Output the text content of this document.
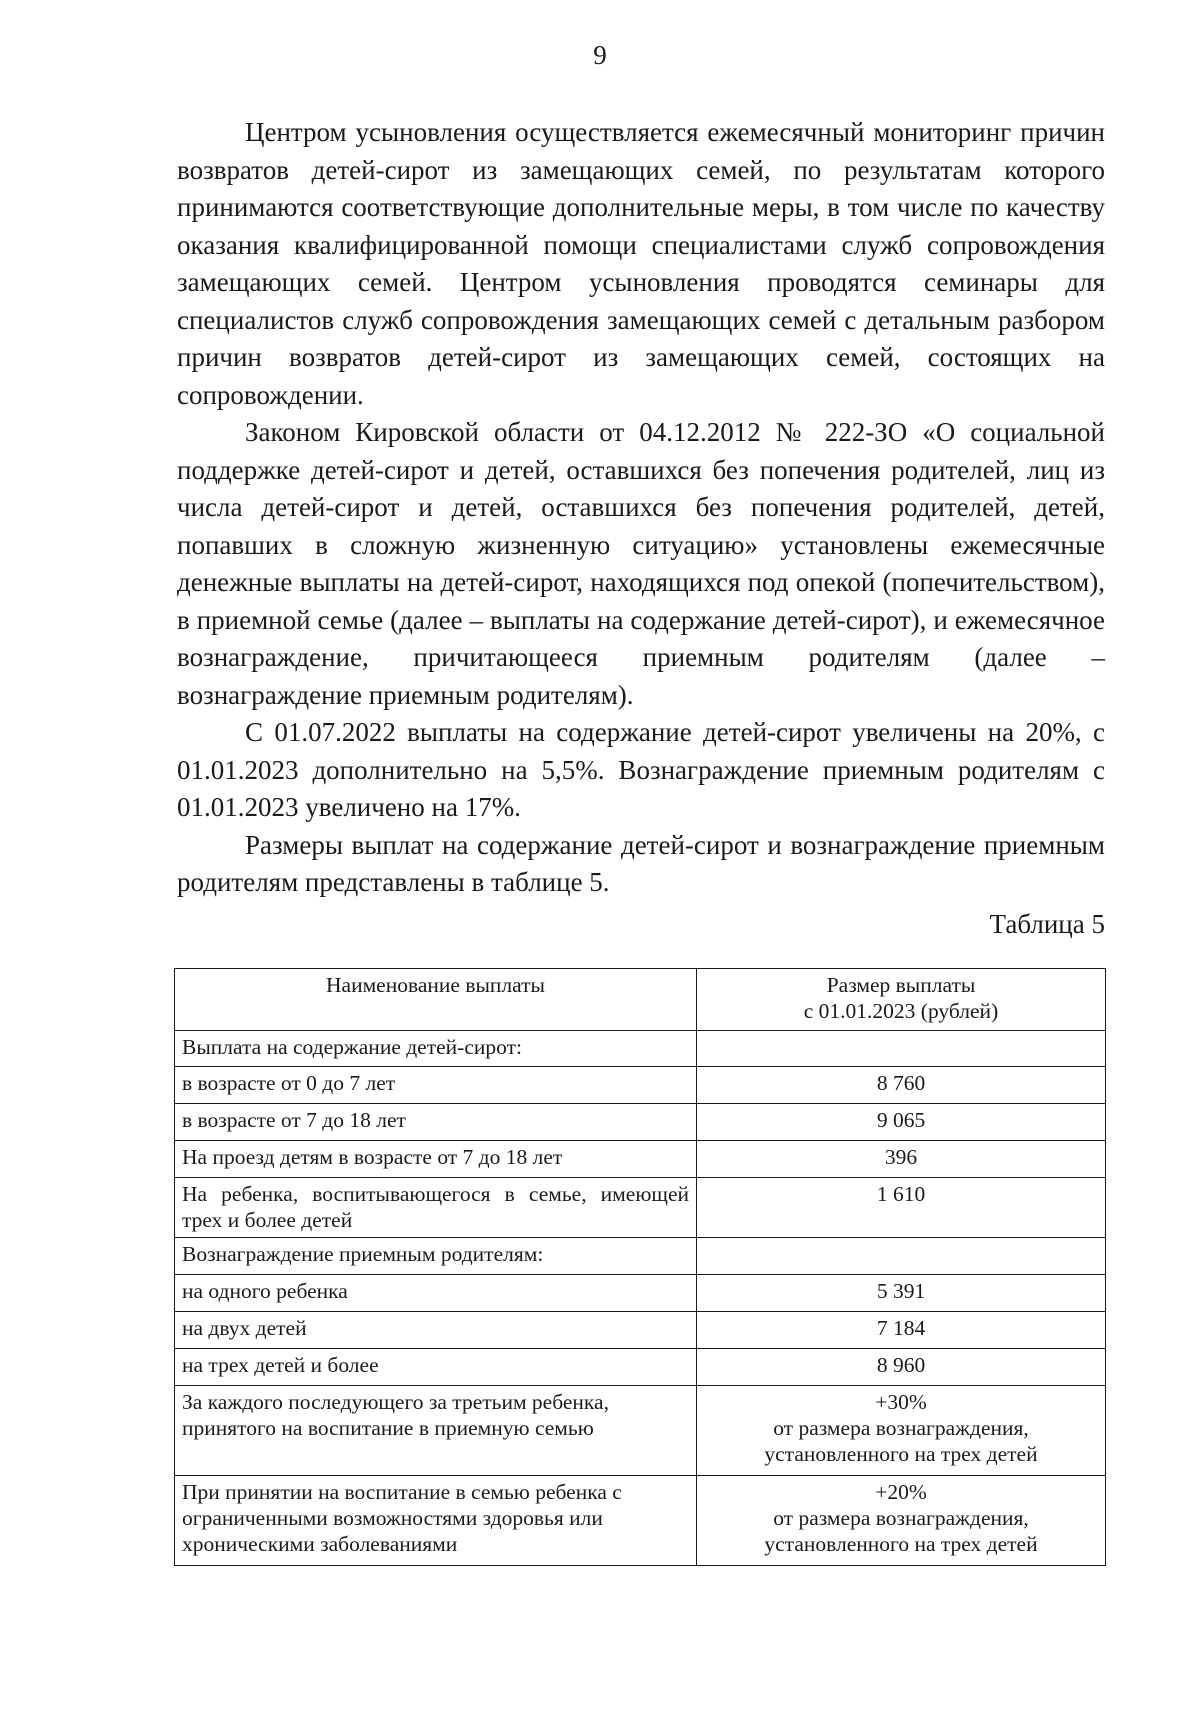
9

Центром усыновления осуществляется ежемесячный мониторинг причин возвратов детей-сирот из замещающих семей, по результатам которого принимаются соответствующие дополнительные меры, в том числе по качеству оказания квалифицированной помощи специалистами служб сопровождения замещающих семей. Центром усыновления проводятся семинары для специалистов служб сопровождения замещающих семей с детальным разбором причин возвратов детей-сирот из замещающих семей, состоящих на сопровождении.

Законом Кировской области от 04.12.2012 № 222-ЗО «О социальной поддержке детей-сирот и детей, оставшихся без попечения родителей, лиц из числа детей-сирот и детей, оставшихся без попечения родителей, детей, попавших в сложную жизненную ситуацию» установлены ежемесячные денежные выплаты на детей-сирот, находящихся под опекой (попечительством), в приемной семье (далее – выплаты на содержание детей-сирот), и ежемесячное вознаграждение, причитающееся приемным родителям (далее – вознаграждение приемным родителям).

С 01.07.2022 выплаты на содержание детей-сирот увеличены на 20%, с 01.01.2023 дополнительно на 5,5%. Вознаграждение приемным родителям с 01.01.2023 увеличено на 17%.

Размеры выплат на содержание детей-сирот и вознаграждение приемным родителям представлены в таблице 5.

Таблица 5
Наименование выплаты	Размер выплаты
с 01.01.2023 (рублей)

Выплата на содержание детей-сирот:	
в возрасте от 0 до 7 лет	8 760
в возрасте от 7 до 18 лет	9 065
На проезд детям в возрасте от 7 до 18 лет	396
На ребенка, воспитывающегося в семье, имеющей трех и более детей	1 610
Вознаграждение приемным родителям:	
на одного ребенка	5 391
на двух детей	7 184
на трех детей и более	8 960
За каждого последующего за третьим ребенка, принятого на воспитание в приемную семью	+30%
от размера вознаграждения,
установленного на трех детей

При принятии на воспитание в семью ребенка с ограниченными возможностями здоровья или хроническими заболеваниями	+20%
от размера вознаграждения,
установленного на трех детей
